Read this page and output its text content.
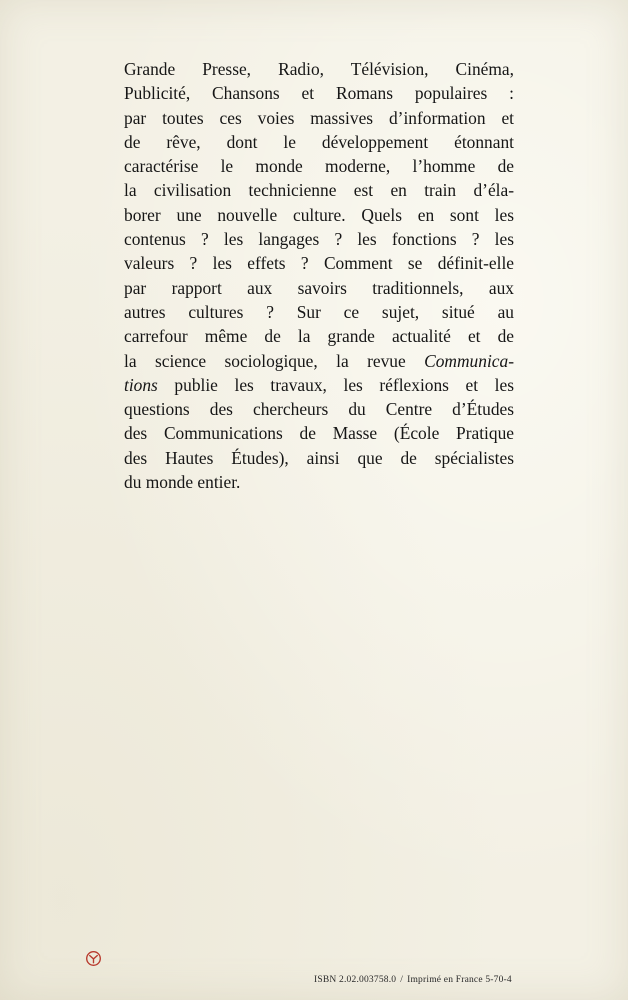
Grande Presse, Radio, Télévision, Cinéma,
Publicité, Chansons et Romans populaires :
par toutes ces voies massives d’information et
de rêve, dont le développement étonnant
caractérise le monde moderne, l’homme de
la civilisation technicienne est en train d’éla-
borer une nouvelle culture. Quels en sont les
contenus ? les langages ? les fonctions ? les
valeurs ? les effets ? Comment se définit-elle
par rapport aux savoirs traditionnels, aux
autres cultures ? Sur ce sujet, situé au
carrefour même de la grande actualité et de
la science sociologique, la revue Communica-
tions publie les travaux, les réflexions et les
questions des chercheurs du Centre d’Études
des Communications de Masse (École Pratique
des Hautes Études), ainsi que de spécialistes
du monde entier.

ISBN 2.02.003758.0 / Imprimé en France 5-70-4
